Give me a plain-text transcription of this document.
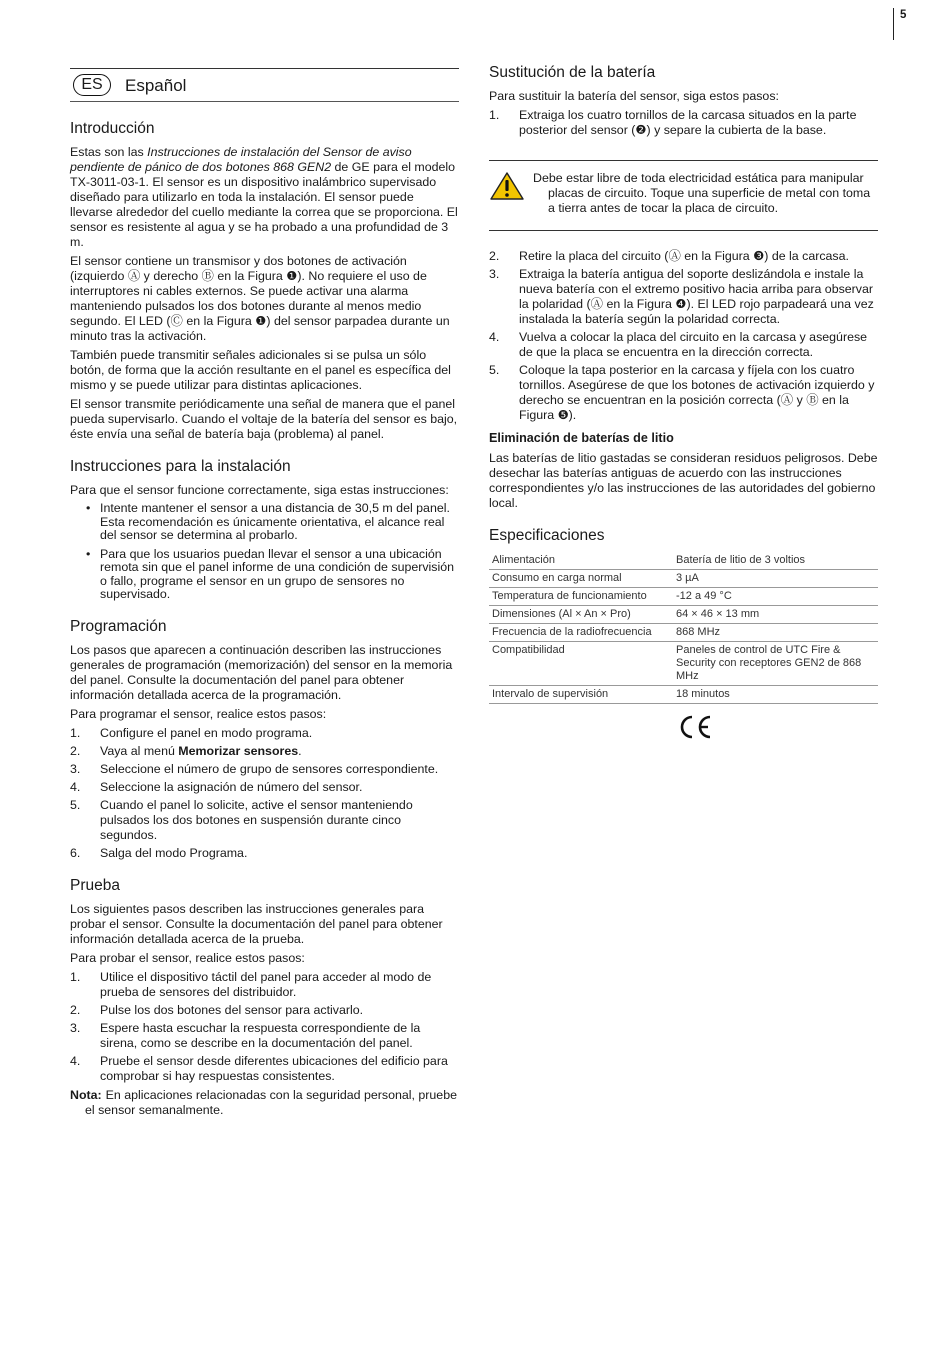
5
ES	Español
Introducción

Estas son las Instrucciones de instalación del Sensor de aviso pendiente de pánico de dos botones 868 GEN2 de GE para el modelo TX-3011-03-1. El sensor es un dispositivo inalámbrico supervisado diseñado para utilizarlo en toda la instalación. El sensor puede llevarse alrededor del cuello mediante la correa que se proporciona. El sensor es resistente al agua y se ha probado a una profundidad de 3 m.

El sensor contiene un transmisor y dos botones de activación (izquierdo Ⓐ y derecho Ⓑ en la Figura ❶). No requiere el uso de interruptores ni cables externos. Se puede activar una alarma manteniendo pulsados los dos botones durante al menos medio segundo. El LED (Ⓒ en la Figura ❶) del sensor parpadea durante un minuto tras la activación.

También puede transmitir señales adicionales si se pulsa un sólo botón, de forma que la acción resultante en el panel es específica del mismo y se puede utilizar para distintas aplicaciones.

El sensor transmite periódicamente una señal de manera que el panel pueda supervisarlo. Cuando el voltaje de la batería del sensor es bajo, éste envía una señal de batería baja (problema) al panel.

Instrucciones para la instalación

Para que el sensor funcione correctamente, siga estas instrucciones:

• Intente mantener el sensor a una distancia de 30,5 m del panel. Esta recomendación es únicamente orientativa, el alcance real del sensor se determina al probarlo.
• Para que los usuarios puedan llevar el sensor a una ubicación remota sin que el panel informe de una condición de supervisión o fallo, programe el sensor en un grupo de sensores no supervisado.
Programación

Los pasos que aparecen a continuación describen las instrucciones generales de programación (memorización) del sensor en la memoria del panel. Consulte la documentación del panel para obtener información detallada acerca de la programación.

Para programar el sensor, realice estos pasos:

1. Configure el panel en modo programa.
2. Vaya al menú Memorizar sensores.
3. Seleccione el número de grupo de sensores correspondiente.
4. Seleccione la asignación de número del sensor.
5. Cuando el panel lo solicite, active el sensor manteniendo pulsados los dos botones en suspensión durante cinco segundos.
6. Salga del modo Programa.
Prueba

Los siguientes pasos describen las instrucciones generales para probar el sensor. Consulte la documentación del panel para obtener información detallada acerca de la prueba.

Para probar el sensor, realice estos pasos:

1. Utilice el dispositivo táctil del panel para acceder al modo de prueba de sensores del distribuidor.
2. Pulse los dos botones del sensor para activarlo.
3. Espere hasta escuchar la respuesta correspondiente de la sirena, como se describe en la documentación del panel.
4. Pruebe el sensor desde diferentes ubicaciones del edificio para comprobar si hay respuestas consistentes.

Nota: En aplicaciones relacionadas con la seguridad personal, pruebe el sensor semanalmente.

Sustitución de la batería

Para sustituir la batería del sensor, siga estos pasos:

1. Extraiga los cuatro tornillos de la carcasa situados en la parte posterior del sensor (❷) y separe la cubierta de la base.
Debe estar libre de toda electricidad estática para manipular placas de circuito. Toque una superficie de metal con toma a tierra antes de tocar la placa de circuito.
2. Retire la placa del circuito (Ⓐ en la Figura ❸) de la carcasa.
3. Extraiga la batería antigua del soporte deslizándola e instale la nueva batería con el extremo positivo hacia arriba para observar la polaridad (Ⓐ en la Figura ❹). El LED rojo parpadeará una vez instalada la batería según la polaridad correcta.
4. Vuelva a colocar la placa del circuito en la carcasa y asegúrese de que la placa se encuentra en la dirección correcta.
5. Coloque la tapa posterior en la carcasa y fíjela con los cuatro tornillos. Asegúrese de que los botones de activación izquierdo y derecho se encuentran en la posición correcta (Ⓐ y Ⓑ en la Figura ❺).
Eliminación de baterías de litio

Las baterías de litio gastadas se consideran residuos peligrosos. Debe desechar las baterías antiguas de acuerdo con las instrucciones correspondientes y/o las instrucciones de las autoridades del gobierno local.

Especificaciones
Alimentación	Batería de litio de 3 voltios
Consumo en carga normal	3 µA
Temperatura de funcionamiento	-12 a 49 °C
Dimensiones (Al × An × Pro)	64 × 46 × 13 mm
Frecuencia de la radiofrecuencia	868 MHz
Compatibilidad	Paneles de control de UTC Fire & Security con receptores GEN2 de 868 MHz
Intervalo de supervisión	18 minutos
